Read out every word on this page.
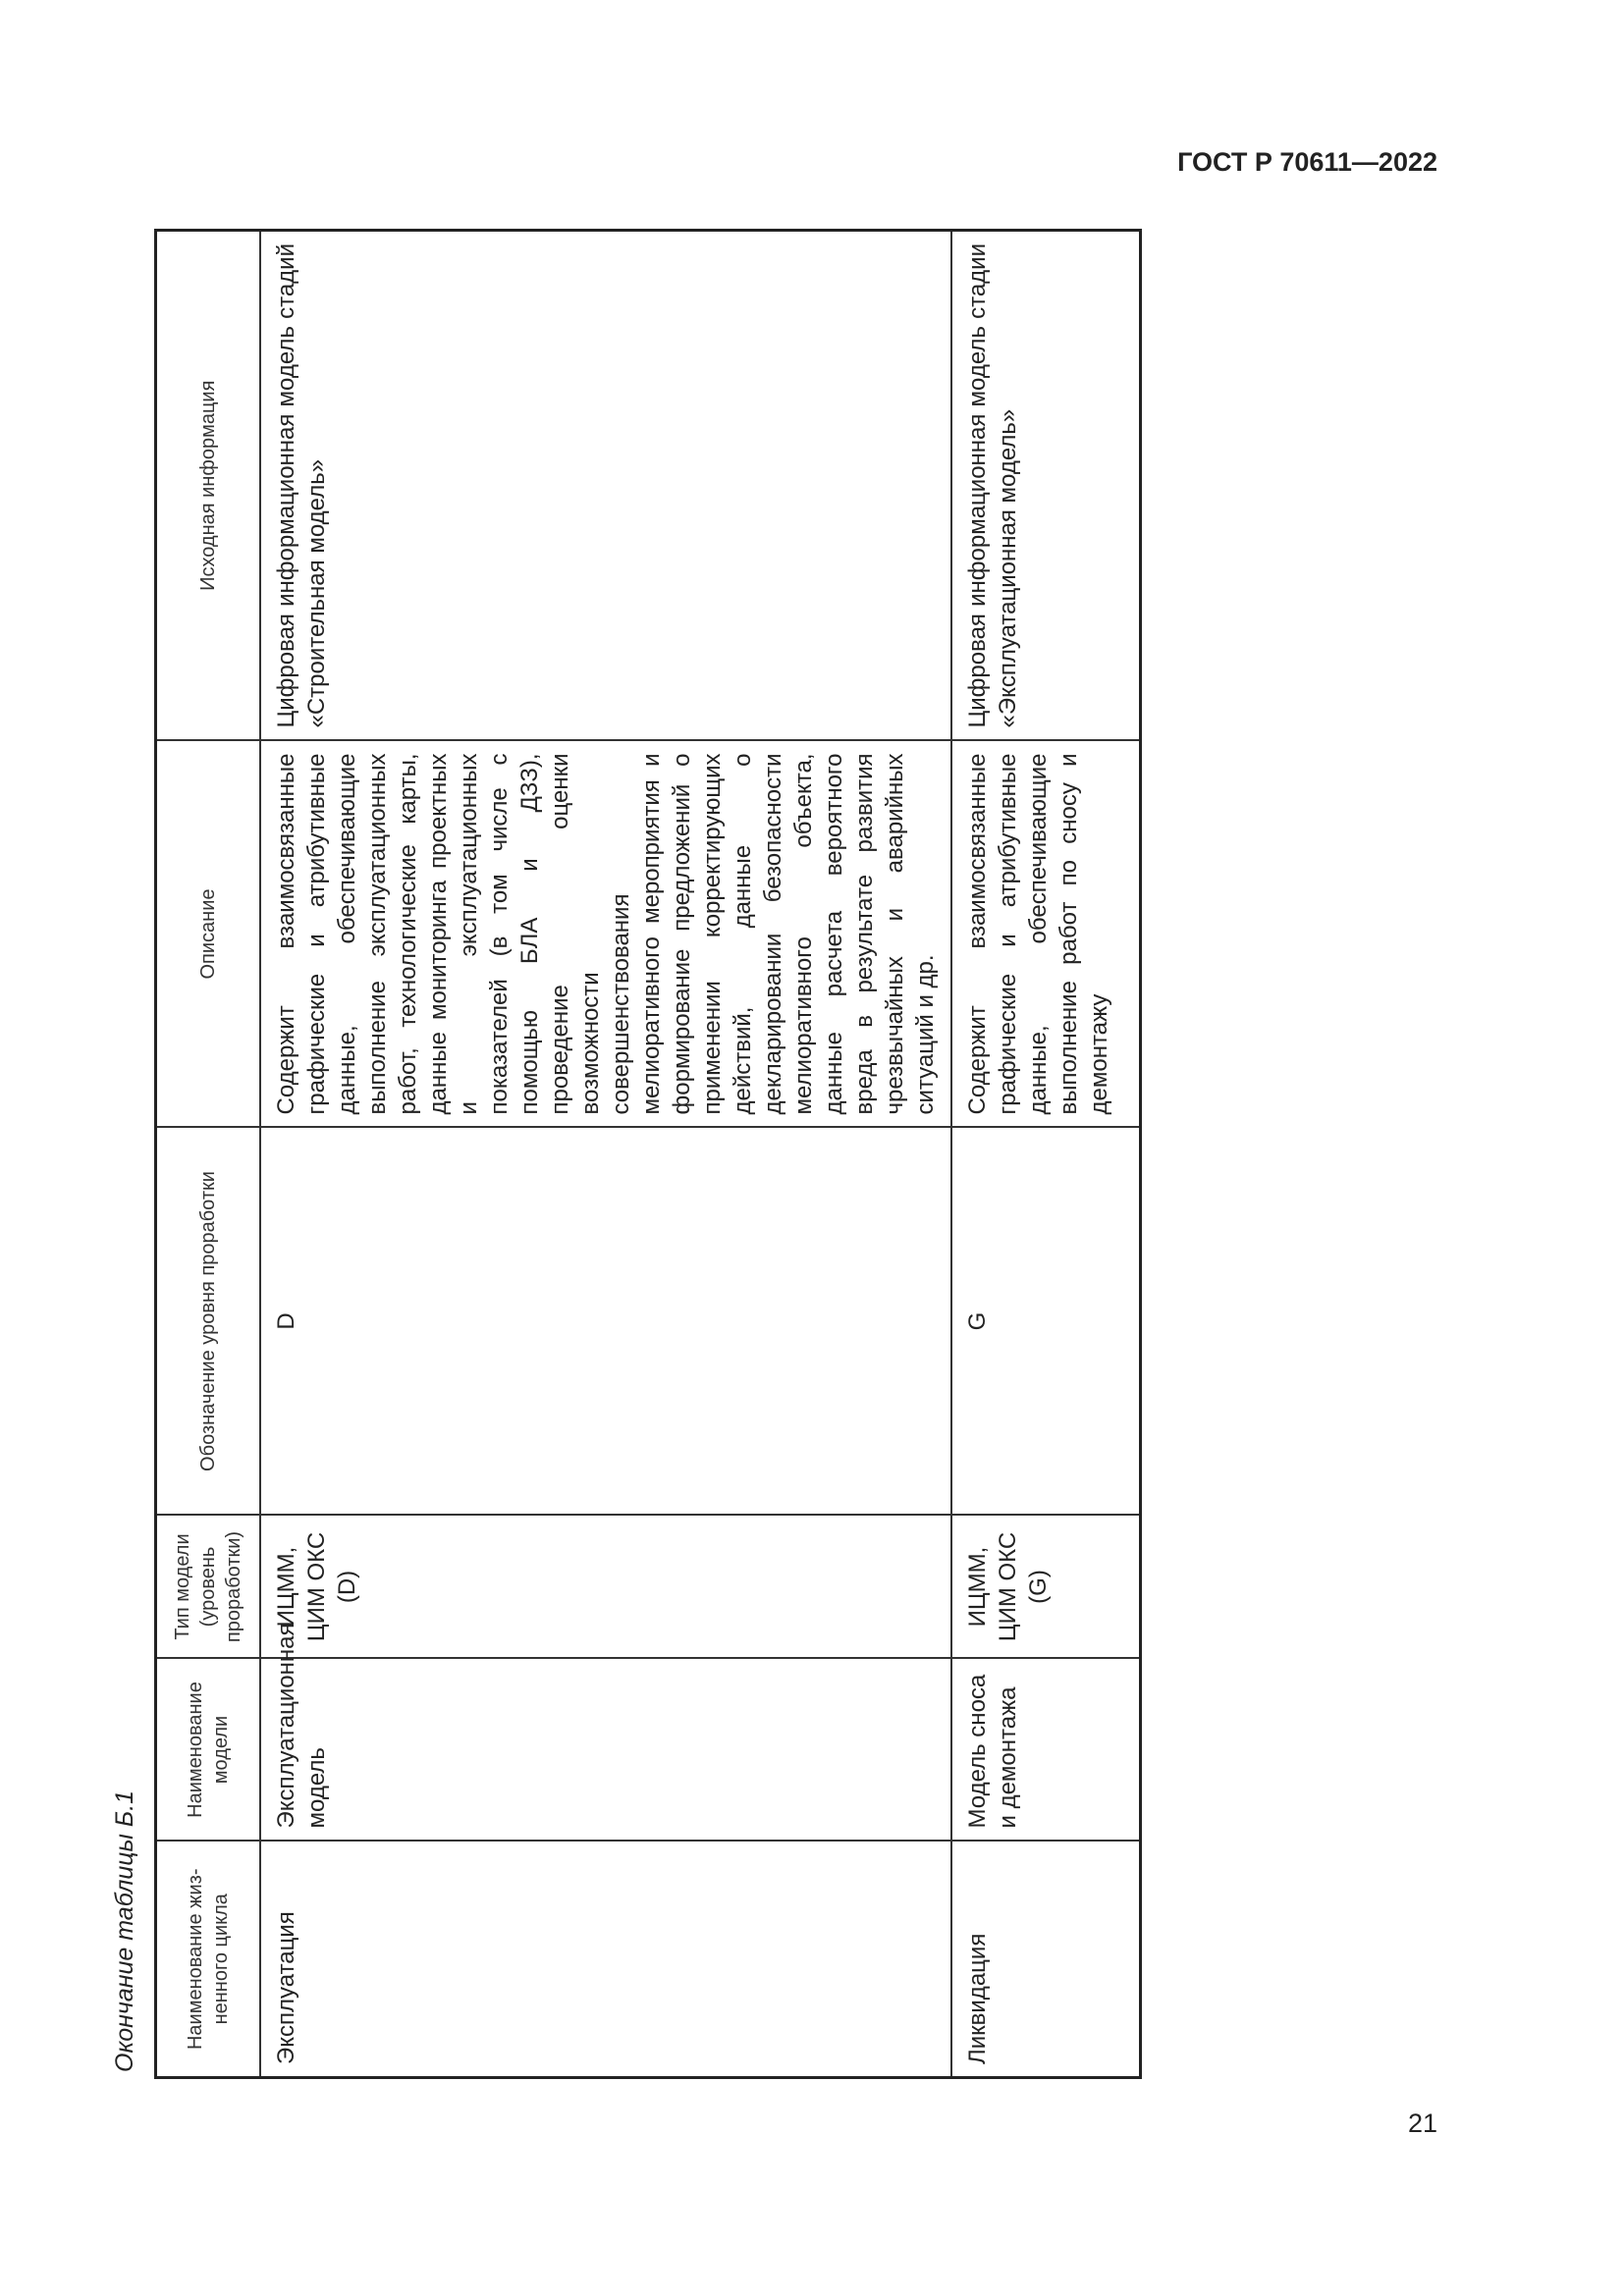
ГОСТ Р 70611—2022
Окончание таблицы Б.1 Наименование жиз-ненного цикла	Наименование модели	Тип модели (уровень проработки)	Обозначение уровня проработки	Описание	Исходная информация
Эксплуатация	Эксплуатационная модель	ИЦММ, ЦИМ ОКС (D)	D	Содержит взаимосвязанные графические и атрибутивные данные, обеспечивающие выполнение эксплуатационных работ, технологические карты, данные мониторинга проектных и эксплуатационных показателей (в том числе с помощью БЛА и ДЗЗ), проведение оценки возможности совершенствования мелиоративного мероприятия и формирование предложений о применении корректирующих действий, данные о декларировании безопасности мелиоративного объекта, данные расчета вероятного вреда в результате развития чрезвычайных и аварийных ситуаций и др.	Цифровая информационная модель стадий «Строительная модель»
Ликвидация	Модель сноса и демонтажа	ИЦММ, ЦИМ ОКС (G)	G	Содержит взаимосвязанные графические и атрибутивные данные, обеспечивающие выполнение работ по сносу и демонтажу	Цифровая информационная модель стадии «Эксплуатационная модель»
21
